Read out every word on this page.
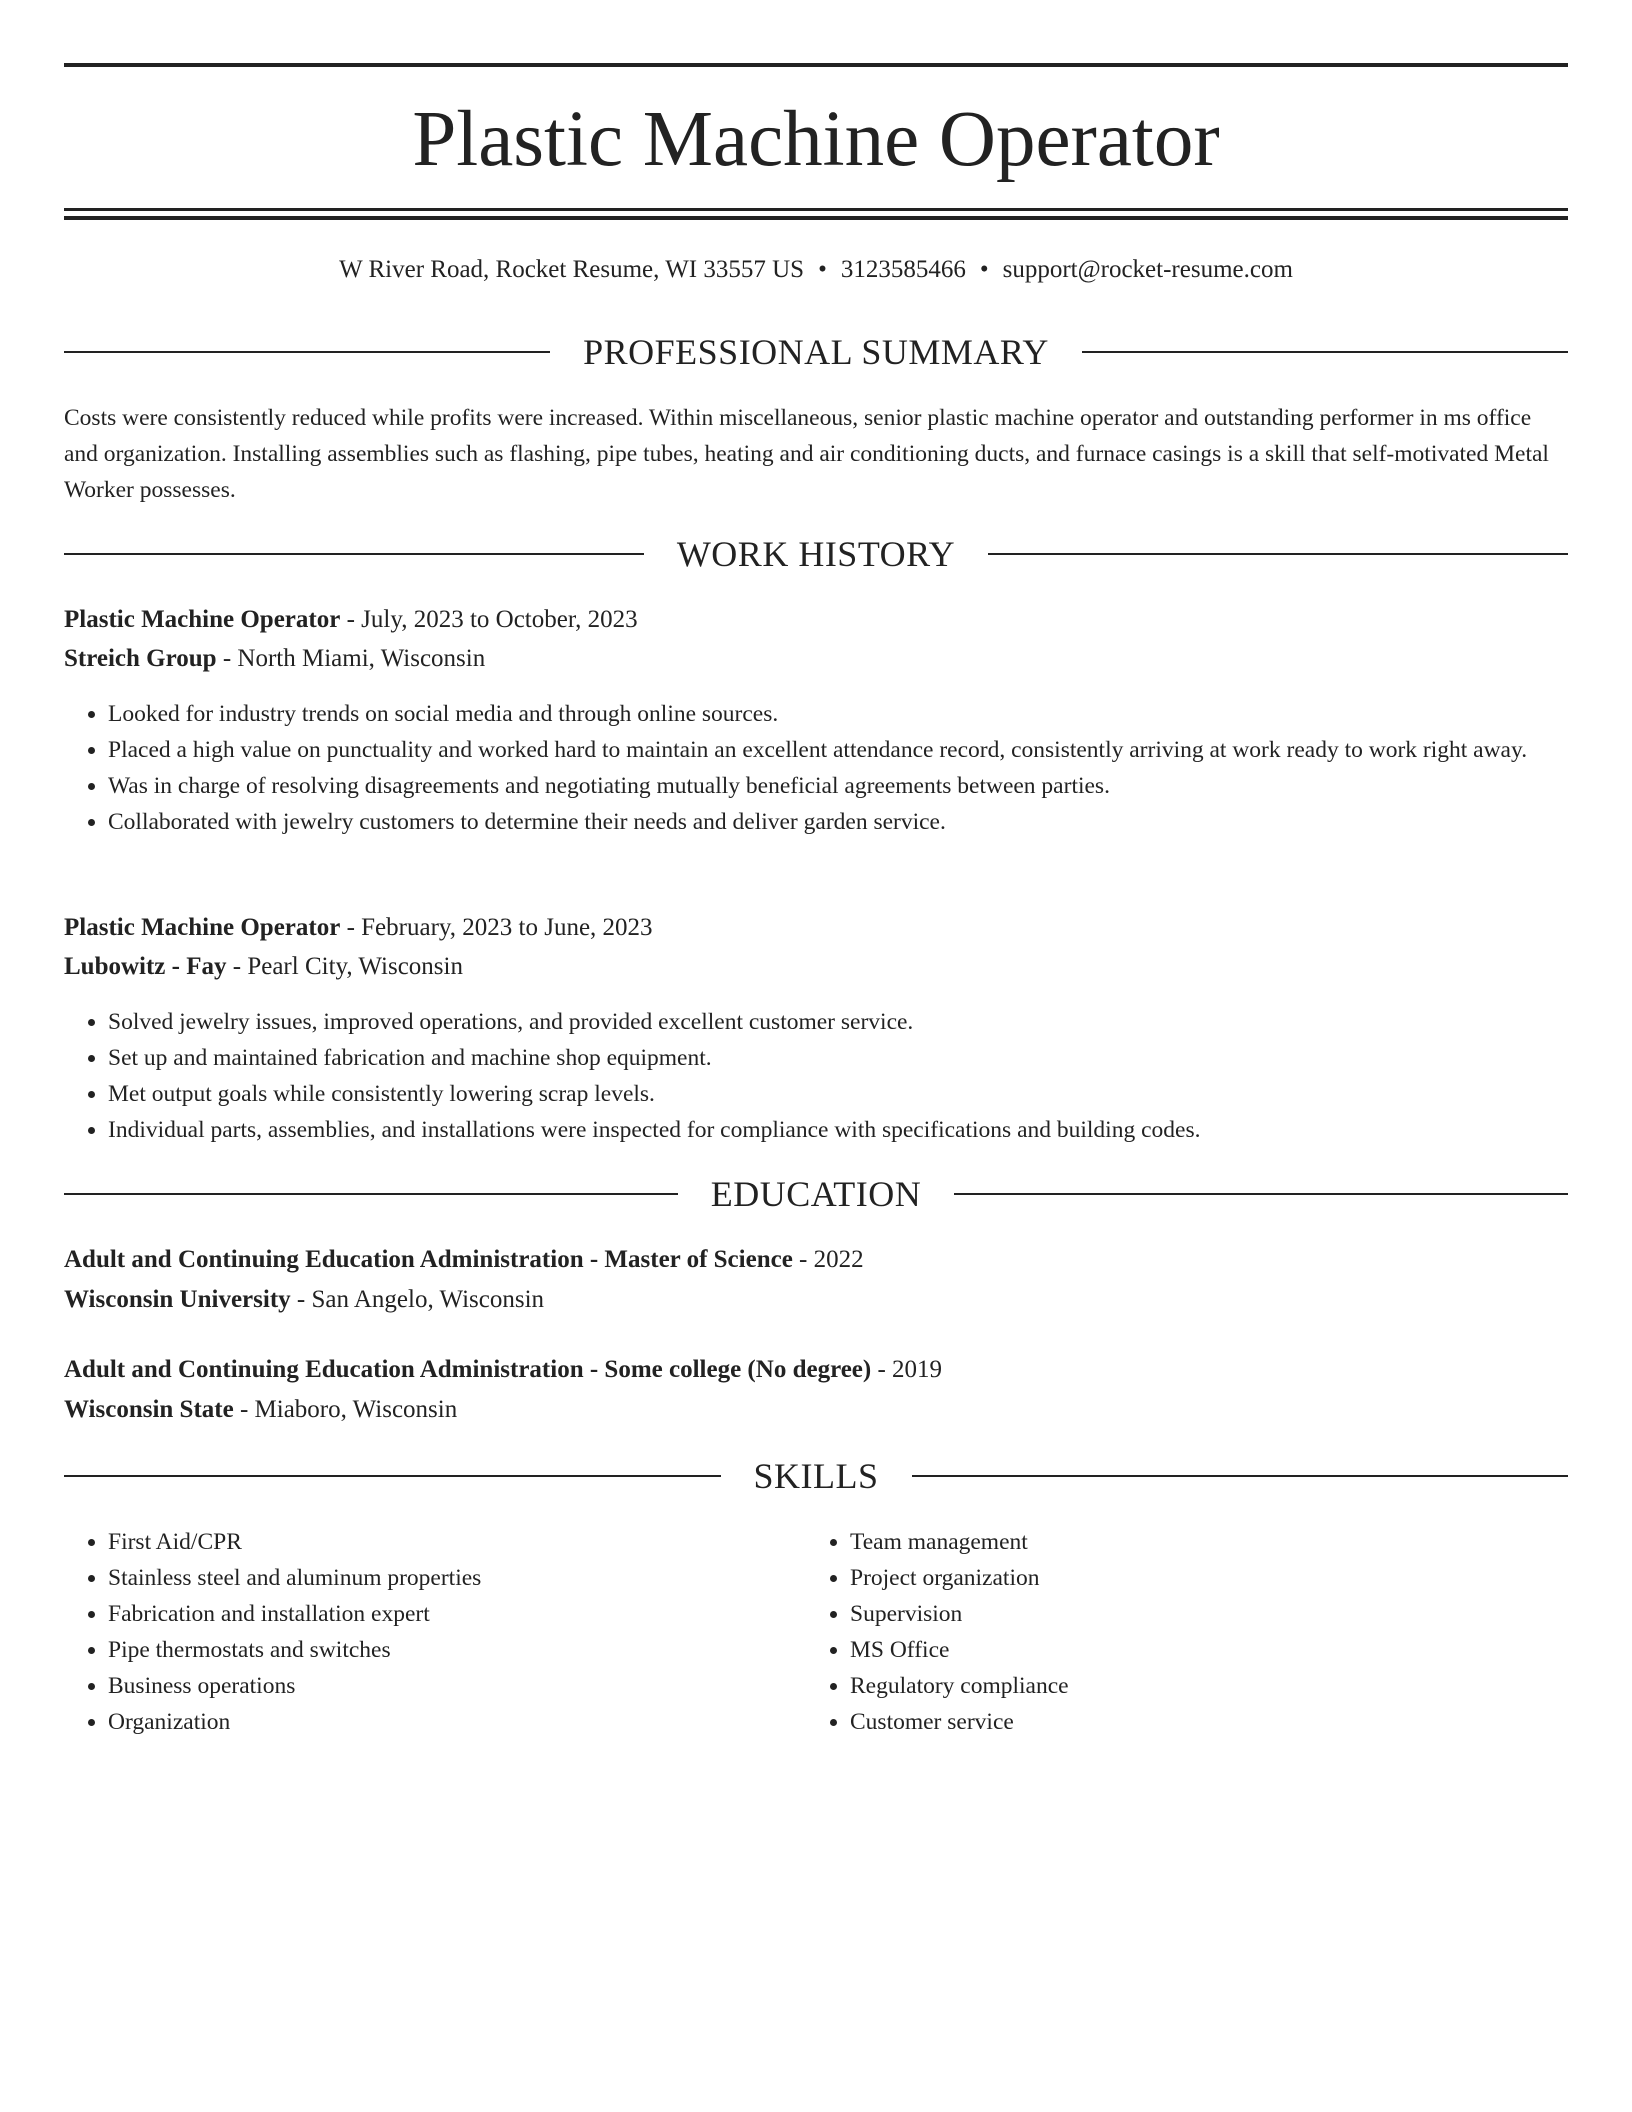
Plastic Machine Operator
W River Road, Rocket Resume, WI 33557 US • 3123585466 • support@rocket-resume.com
PROFESSIONAL SUMMARY

Costs were consistently reduced while profits were increased. Within miscellaneous, senior plastic machine operator and outstanding performer in ms office and organization. Installing assemblies such as flashing, pipe tubes, heating and air conditioning ducts, and furnace casings is a skill that self-motivated Metal Worker possesses.

WORK HISTORY
Plastic Machine Operator - July, 2023 to October, 2023
Streich Group - North Miami, Wisconsin
• Looked for industry trends on social media and through online sources.
• Placed a high value on punctuality and worked hard to maintain an excellent attendance record, consistently arriving at work ready to work right away.
• Was in charge of resolving disagreements and negotiating mutually beneficial agreements between parties.
• Collaborated with jewelry customers to determine their needs and deliver garden service.
Plastic Machine Operator - February, 2023 to June, 2023
Lubowitz - Fay - Pearl City, Wisconsin
• Solved jewelry issues, improved operations, and provided excellent customer service.
• Set up and maintained fabrication and machine shop equipment.
• Met output goals while consistently lowering scrap levels.
• Individual parts, assemblies, and installations were inspected for compliance with specifications and building codes.
EDUCATION
Adult and Continuing Education Administration - Master of Science - 2022
Wisconsin University - San Angelo, Wisconsin
Adult and Continuing Education Administration - Some college (No degree) - 2019
Wisconsin State - Miaboro, Wisconsin
SKILLS
• First Aid/CPR
• Stainless steel and aluminum properties
• Fabrication and installation expert
• Pipe thermostats and switches
• Business operations
• Organization
• Team management
• Project organization
• Supervision
• MS Office
• Regulatory compliance
• Customer service
